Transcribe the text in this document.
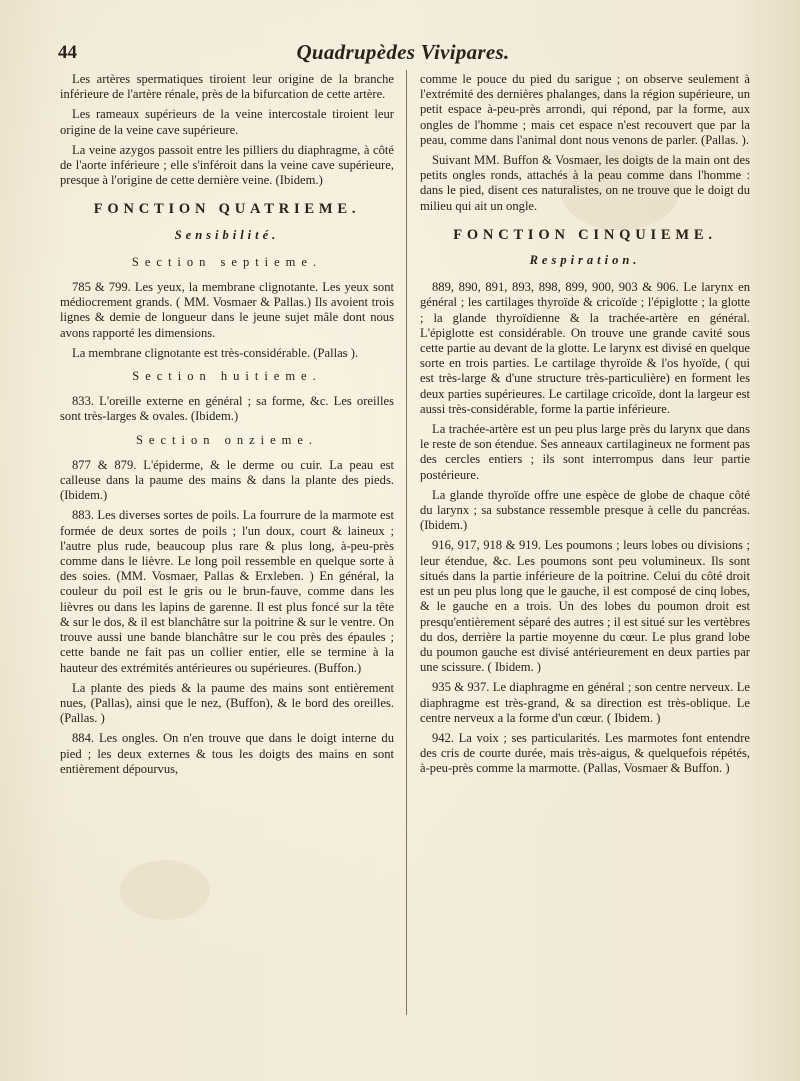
44	Quadrupèdes Vivipares.

Les artères spermatiques tiroient leur origine de la branche inférieure de l'artère rénale, près de la bifurcation de cette artère.

Les rameaux supérieurs de la veine intercostale tiroient leur origine de la veine cave supérieure.

La veine azygos passoit entre les pilliers du diaphragme, à côté de l'aorte inférieure ; elle s'inféroit dans la veine cave supérieure, presque à l'origine de cette dernière veine. (Ibidem.)

FONCTION QUATRIEME.
Sensibilité.
Section septieme.

785 & 799. Les yeux, la membrane clignotante. Les yeux sont médiocrement grands. ( MM. Vosmaer & Pallas.) Ils avoient trois lignes & demie de longueur dans le jeune sujet mâle dont nous avons rapporté les dimensions.

La membrane clignotante est très-considérable. (Pallas ).

Section huitieme.

833. L'oreille externe en général ; sa forme, &c. Les oreilles sont très-larges & ovales. (Ibidem.)

Section onzieme.

877 & 879. L'épiderme, & le derme ou cuir. La peau est calleuse dans la paume des mains & dans la plante des pieds. (Ibidem.)

883. Les diverses sortes de poils. La fourrure de la marmote est formée de deux sortes de poils ; l'un doux, court & laineux ; l'autre plus rude, beaucoup plus rare & plus long, à-peu-près comme dans le lièvre. Le long poil ressemble en quelque sorte à des soies. (MM. Vosmaer, Pallas & Erxleben. ) En général, la couleur du poil est le gris ou le brun-fauve, comme dans les lièvres ou dans les lapins de garenne. Il est plus foncé sur la tête & sur le dos, & il est blanchâtre sur la poitrine & sur le ventre. On trouve aussi une bande blanchâtre sur le cou près des épaules ; cette bande ne fait pas un collier entier, elle se termine à la hauteur des extrémités antérieures ou supérieures. (Buffon.)

La plante des pieds & la paume des mains sont entièrement nues, (Pallas), ainsi que le nez, (Buffon), & le bord des oreilles. (Pallas. )

884. Les ongles. On n'en trouve que dans le doigt interne du pied ; les deux externes & tous les doigts des mains en sont entièrement dépourvus,

comme le pouce du pied du sarigue ; on observe seulement à l'extrémité des dernières phalanges, dans la région supérieure, un petit espace à-peu-près arrondi, qui répond, par la forme, aux ongles de l'homme ; mais cet espace n'est recouvert que par la peau, comme dans l'animal dont nous venons de parler. (Pallas. ).

Suivant MM. Buffon & Vosmaer, les doigts de la main ont des petits ongles ronds, attachés à la peau comme dans l'homme : dans le pied, disent ces naturalistes, on ne trouve que le doigt du milieu qui ait un ongle.

FONCTION CINQUIEME.
Respiration.

889, 890, 891, 893, 898, 899, 900, 903 & 906. Le larynx en général ; les cartilages thyroïde & cricoïde ; l'épiglotte ; la glotte ; la glande thyroïdienne & la trachée-artère en général. L'épiglotte est considérable. On trouve une grande cavité sous cette partie au devant de la glotte. Le larynx est divisé en quelque sorte en trois parties. Le cartilage thyroïde & l'os hyoïde, ( qui est très-large & d'une structure très-particulière) en forment les deux parties supérieures. Le cartilage cricoïde, dont la largeur est aussi très-considérable, forme la partie inférieure.

La trachée-artère est un peu plus large près du larynx que dans le reste de son étendue. Ses anneaux cartilagineux ne forment pas des cercles entiers ; ils sont interrompus dans leur partie postérieure.

La glande thyroïde offre une espèce de globe de chaque côté du larynx ; sa substance ressemble presque à celle du pancréas. (Ibidem.)

916, 917, 918 & 919. Les poumons ; leurs lobes ou divisions ; leur étendue, &c. Les poumons sont peu volumineux. Ils sont situés dans la partie inférieure de la poitrine. Celui du côté droit est un peu plus long que le gauche, il est composé de cinq lobes, & le gauche en a trois. Un des lobes du poumon droit est presqu'entièrement séparé des autres ; il est situé sur les vertèbres du dos, derrière la partie moyenne du cœur. Le plus grand lobe du poumon gauche est divisé antérieurement en deux parties par une scissure. ( Ibidem. )

935 & 937. Le diaphragme en général ; son centre nerveux. Le diaphragme est très-grand, & sa direction est très-oblique. Le centre nerveux a la forme d'un cœur. ( Ibidem. )

942. La voix ; ses particularités. Les marmotes font entendre des cris de courte durée, mais très-aigus, & quelquefois répétés, à-peu-près comme la marmotte. (Pallas, Vosmaer & Buffon. )
